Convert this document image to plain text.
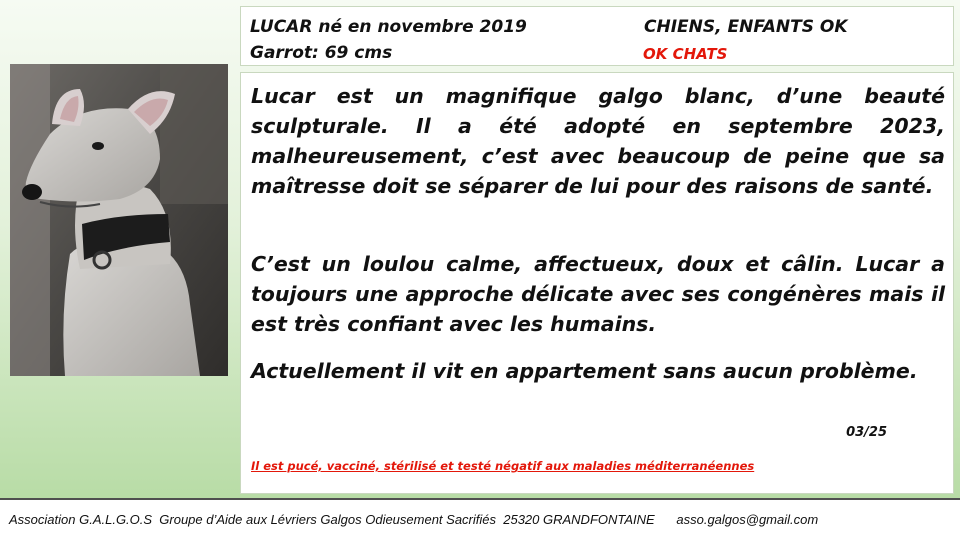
LUCAR né en novembre 2019	CHIENS, ENFANTS OK
Garrot: 69 cms	OK CHATS
Lucar est un magnifique galgo blanc, d’une beauté sculpturale. Il a été adopté en septembre 2023, malheureusement, c’est avec beaucoup de peine que sa maîtresse doit se séparer de lui pour des raisons de santé.
C’est un loulou calme, affectueux, doux et câlin. Lucar a toujours une approche délicate avec ses congénères mais il est très confiant avec les humains.
Actuellement il vit en appartement sans aucun problème.
03/25
Il est pucé, vacciné, stérilisé et testé négatif aux maladies méditerranéennes
Association G.A.L.G.O.S  Groupe d’Aide aux Lévriers Galgos Odieusement Sacrifiés  25320 GRANDFONTAINE asso.galgos@gmail.com
